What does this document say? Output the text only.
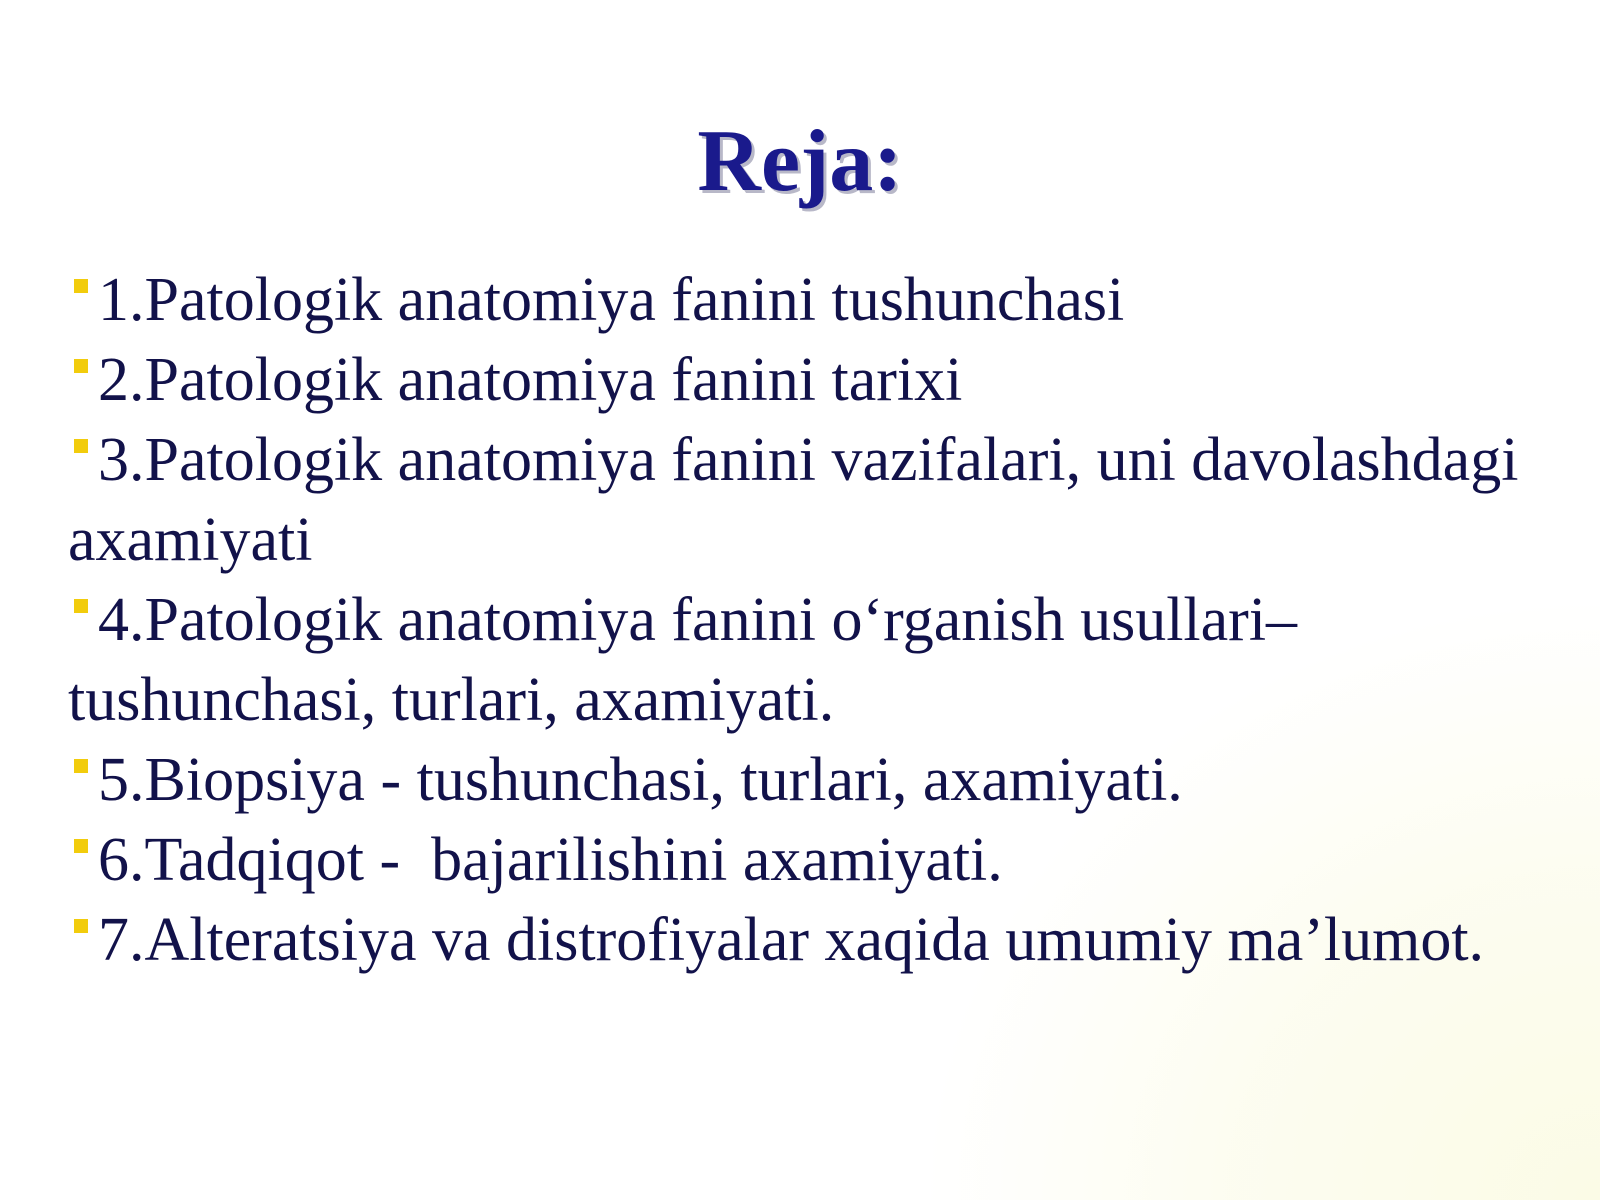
Reja:
1.Patologik anatomiya fanini tushunchasi
2.Patologik anatomiya fanini tarixi
3.Patologik anatomiya fanini vazifalari, uni davolashdagi axamiyati
4.Patologik anatomiya fanini o‘rganish usullari–tushunchasi, turlari, axamiyati.
5.Biopsiya - tushunchasi, turlari, axamiyati.
6.Tadqiqot -  bajarilishini axamiyati.
7.Alteratsiya va distrofiyalar xaqida umumiy ma’lumot.
